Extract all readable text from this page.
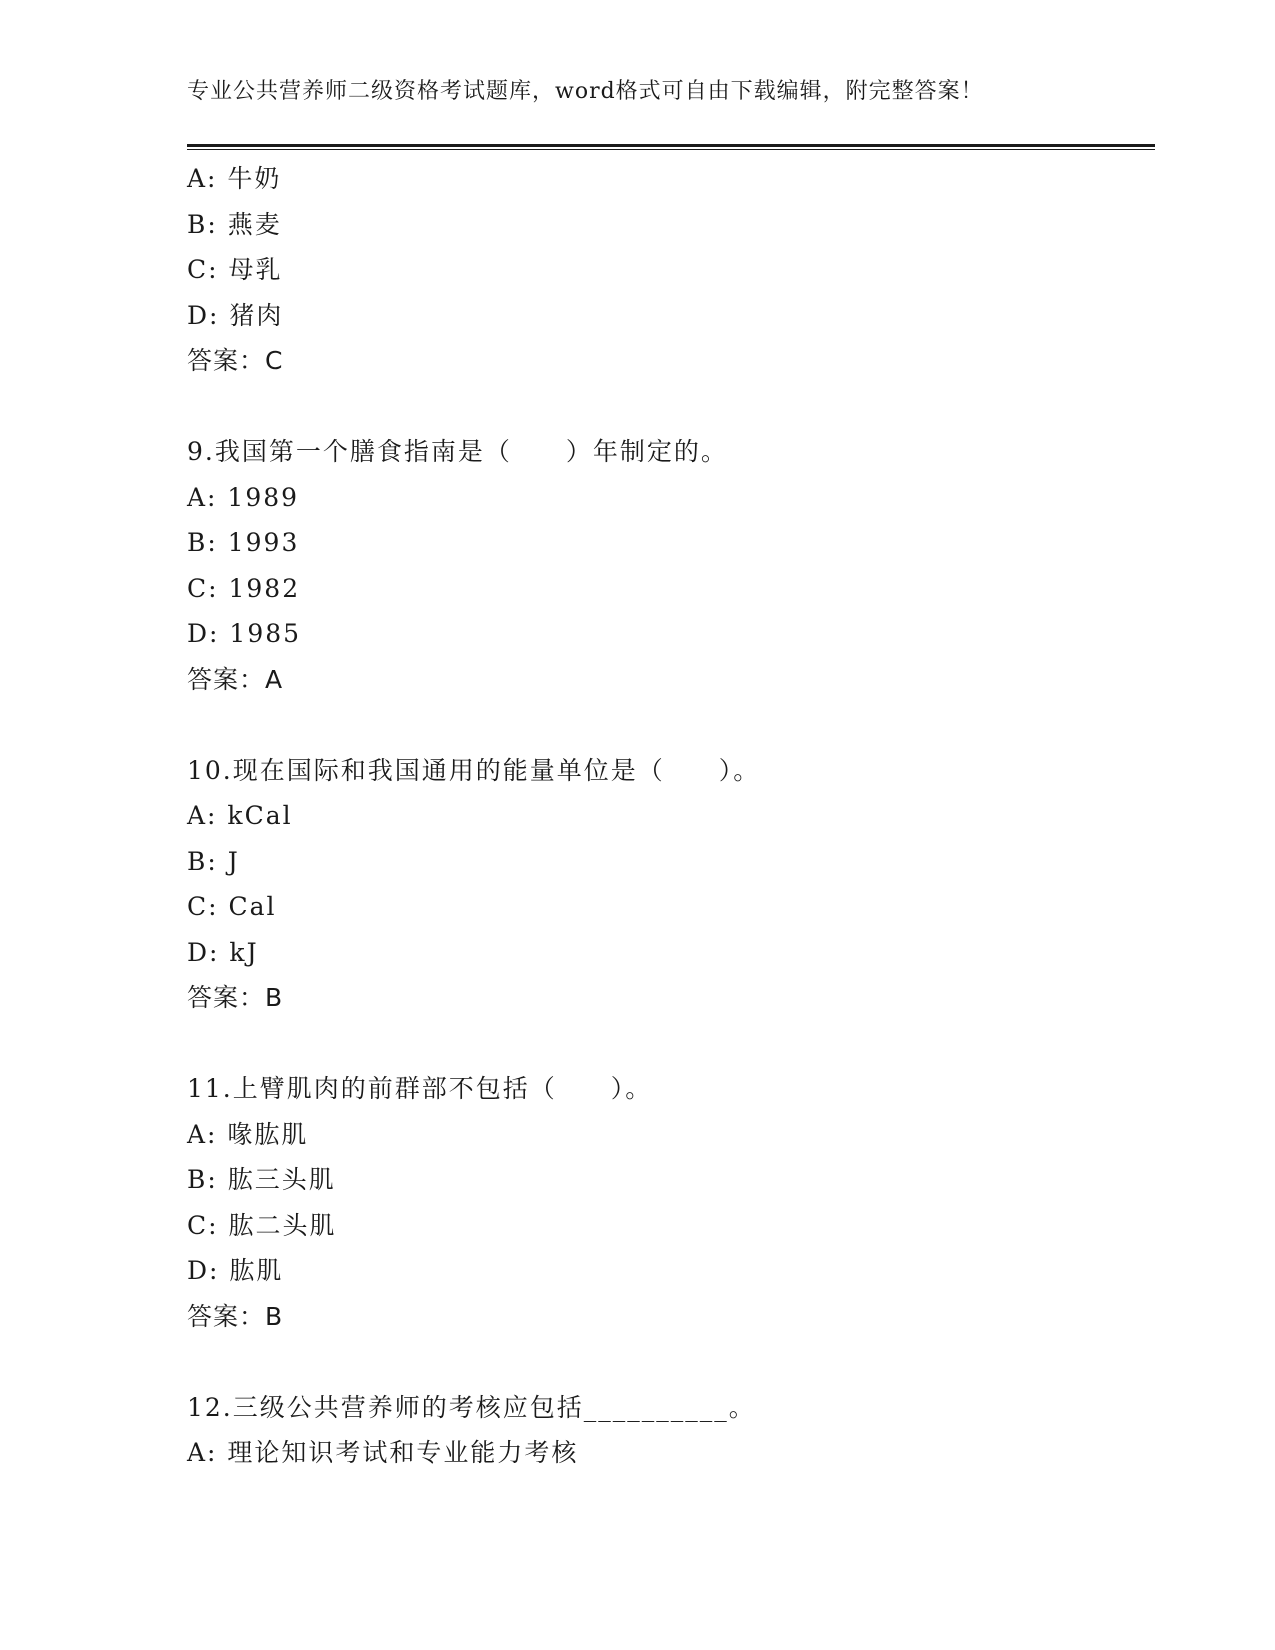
专业公共营养师二级资格考试题库，word格式可自由下载编辑，附完整答案！
A: 牛奶
B: 燕麦
C: 母乳
D: 猪肉
答案：C
9.我国第一个膳食指南是（　　）年制定的。
A: 1989
B: 1993
C: 1982
D: 1985
答案：A
10.现在国际和我国通用的能量单位是（　　）。
A: kCal
B: J
C: Cal
D: kJ
答案：B
11.上臂肌肉的前群部不包括（　　）。
A: 喙肱肌
B: 肱三头肌
C: 肱二头肌
D: 肱肌
答案：B
12.三级公共营养师的考核应包括__________。
A: 理论知识考试和专业能力考核
